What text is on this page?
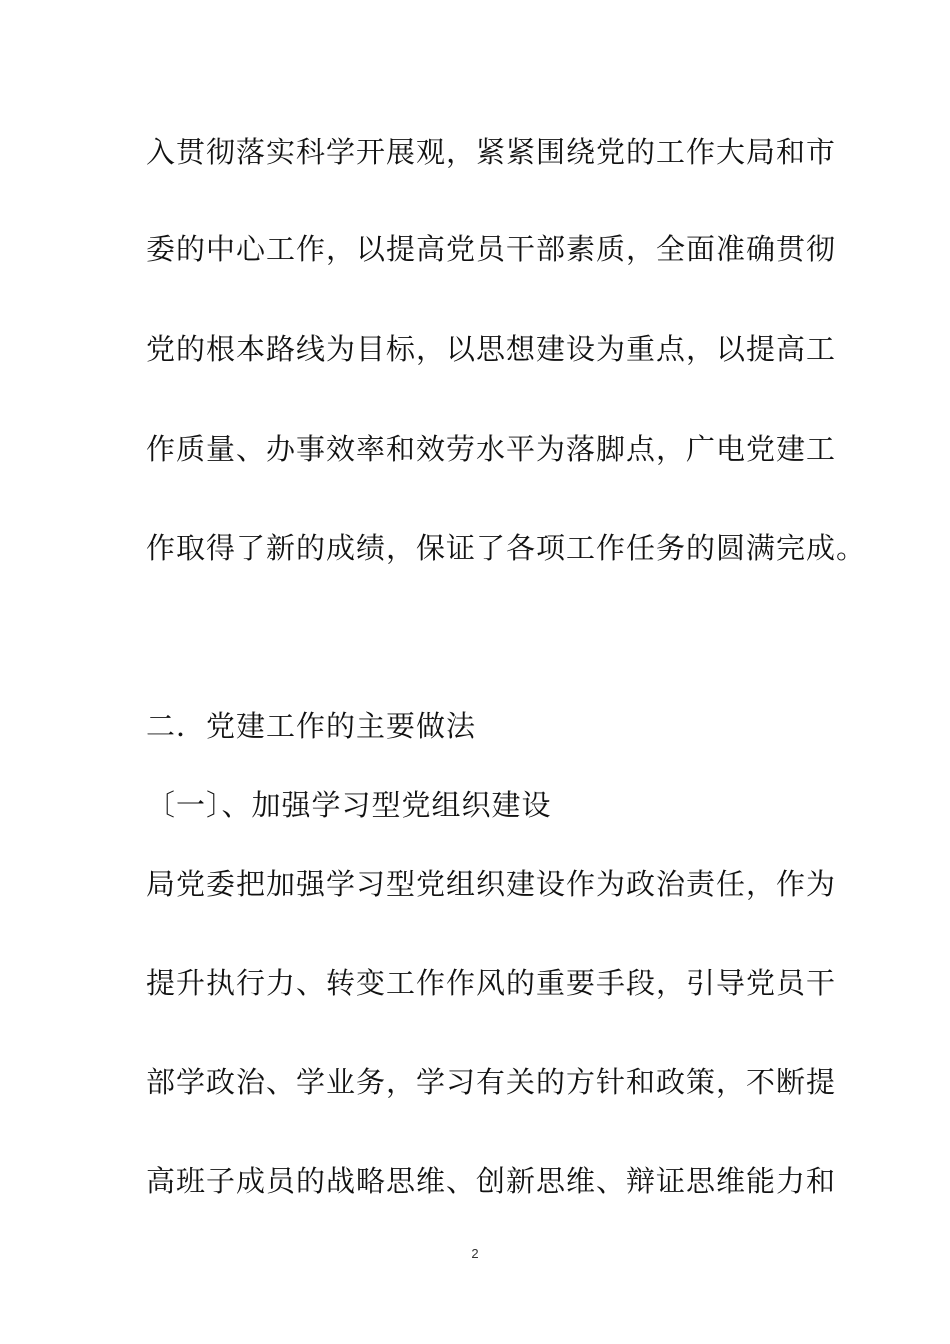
入贯彻落实科学开展观，紧紧围绕党的工作大局和市
委的中心工作，以提高党员干部素质，全面准确贯彻
党的根本路线为目标，以思想建设为重点，以提高工
作质量、办事效率和效劳水平为落脚点，广电党建工
作取得了新的成绩，保证了各项工作任务的圆满完成。
二．党建工作的主要做法
〔一〕、加强学习型党组织建设
局党委把加强学习型党组织建设作为政治责任，作为
提升执行力、转变工作作风的重要手段，引导党员干
部学政治、学业务，学习有关的方针和政策，不断提
高班子成员的战略思维、创新思维、辩证思维能力和
2
